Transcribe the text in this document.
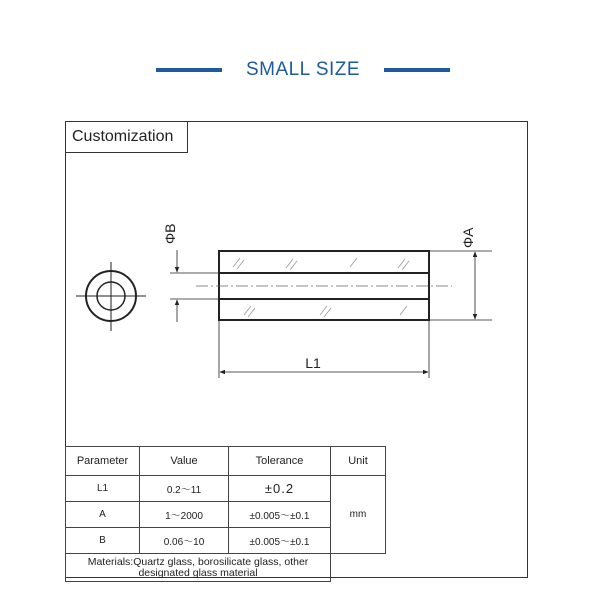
SMALL SIZE
Customization
ΦB	ΦA
L1
Parameter	Value	Tolerance	Unit
L1	0.2～11	±0.2	mm
A	1～2000	±0.005～±0.1	
B	0.06～10	±0.005～±0.1	
Materials:Quartz glass, borosilicate glass, other designated glass material			
